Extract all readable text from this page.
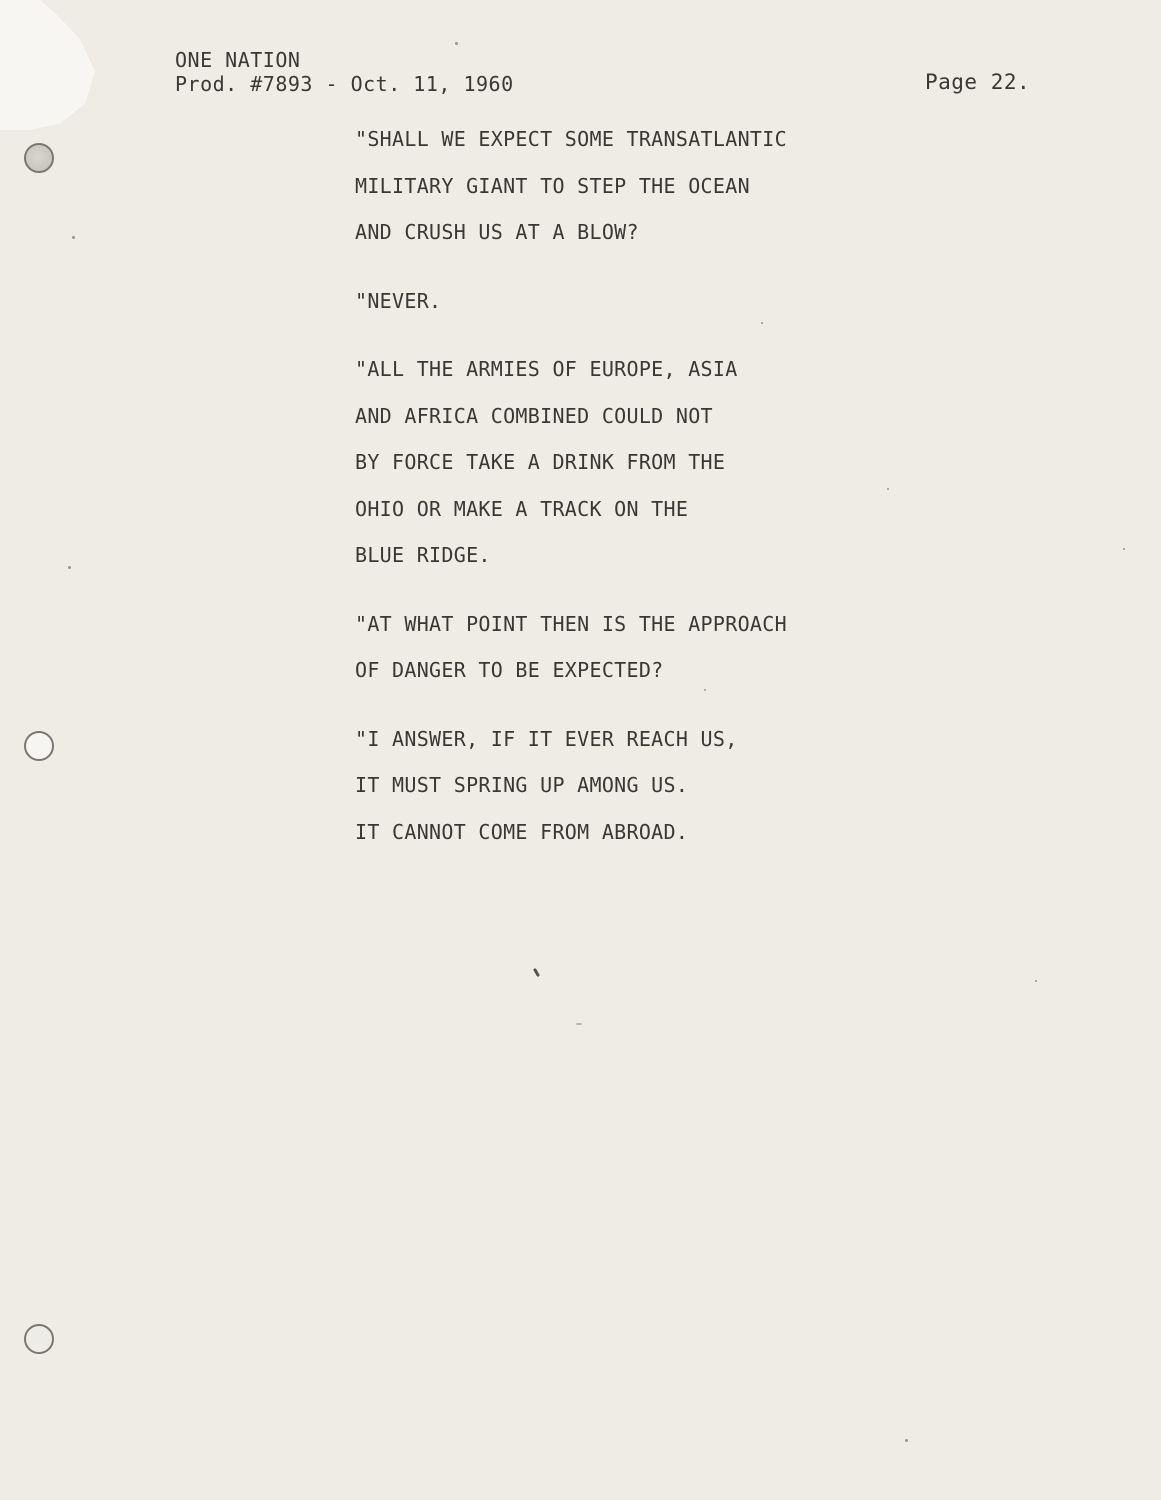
ONE NATION
Prod. #7893 - Oct. 11, 1960	Page 22.
"SHALL WE EXPECT SOME TRANSATLANTIC
MILITARY GIANT TO STEP THE OCEAN
AND CRUSH US AT A BLOW?
"NEVER.
"ALL THE ARMIES OF EUROPE, ASIA
AND AFRICA COMBINED COULD NOT
BY FORCE TAKE A DRINK FROM THE
OHIO OR MAKE A TRACK ON THE
BLUE RIDGE.
"AT WHAT POINT THEN IS THE APPROACH
OF DANGER TO BE EXPECTED?
"I ANSWER, IF IT EVER REACH US,
IT MUST SPRING UP AMONG US.
IT CANNOT COME FROM ABROAD.
